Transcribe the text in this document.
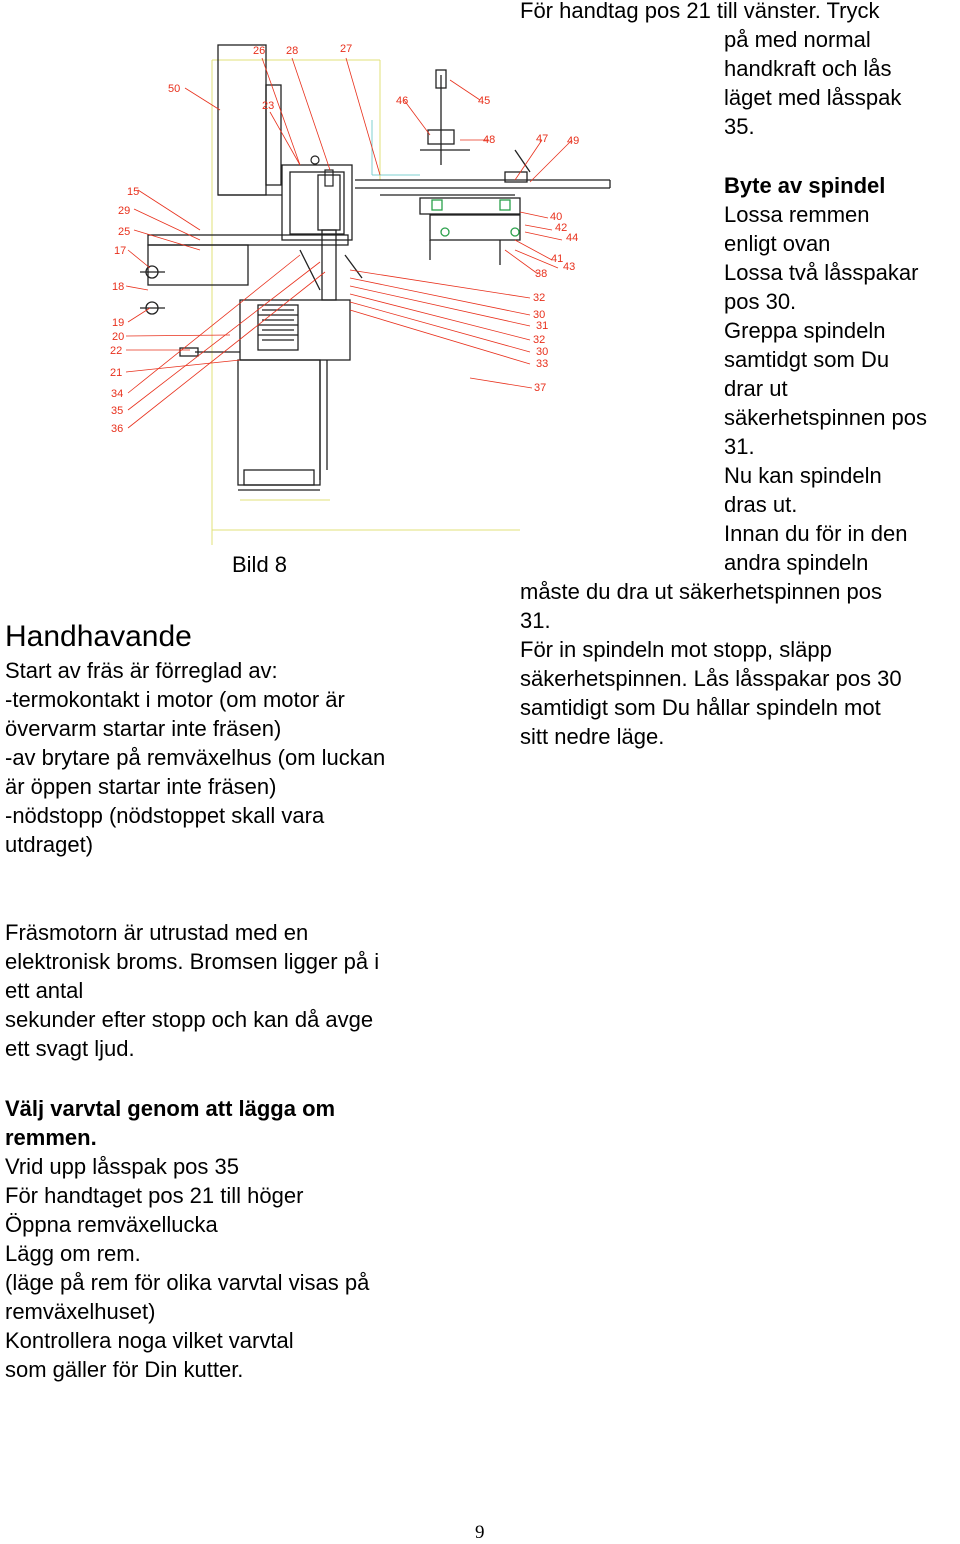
15
29
25
17
18
19
20
22
21
34
35
36
50
26 28
23
27
46	45
48	47 49
40
42
44
41
43
38
32
30
31
32
30
33
37
Bild 8
För handtag pos 21 till vänster. Tryck
på med normal
handkraft och lås
läget med låsspak
35.
Byte av spindel
Lossa remmen
enligt ovan
Lossa två låsspakar
pos 30.
Greppa spindeln
samtidgt som Du
drar ut
säkerhetspinnen pos
31.
Nu kan spindeln
dras ut.
Innan du för in den
andra spindeln
måste du dra ut säkerhetspinnen pos
31.
För in spindeln mot stopp, släpp
säkerhetspinnen. Lås låsspakar pos 30
samtidigt som Du hållar spindeln mot
sitt nedre läge.
Handhavande
Start av fräs är förreglad av:
-termokontakt i motor (om motor är
övervarm startar inte fräsen)
-av brytare på remväxelhus (om luckan
är öppen startar inte fräsen)
-nödstopp (nödstoppet skall vara
utdraget)
Fräsmotorn är utrustad med en
elektronisk broms. Bromsen ligger på i
ett antal
sekunder efter stopp och kan då avge
ett svagt ljud.
Välj varvtal genom att lägga om
remmen.
Vrid upp låsspak pos 35
För handtaget pos 21 till höger
Öppna remväxellucka
Lägg om rem.
(läge på rem för olika varvtal visas på
remväxelhuset)
Kontrollera noga vilket varvtal
som gäller för Din kutter.
9
